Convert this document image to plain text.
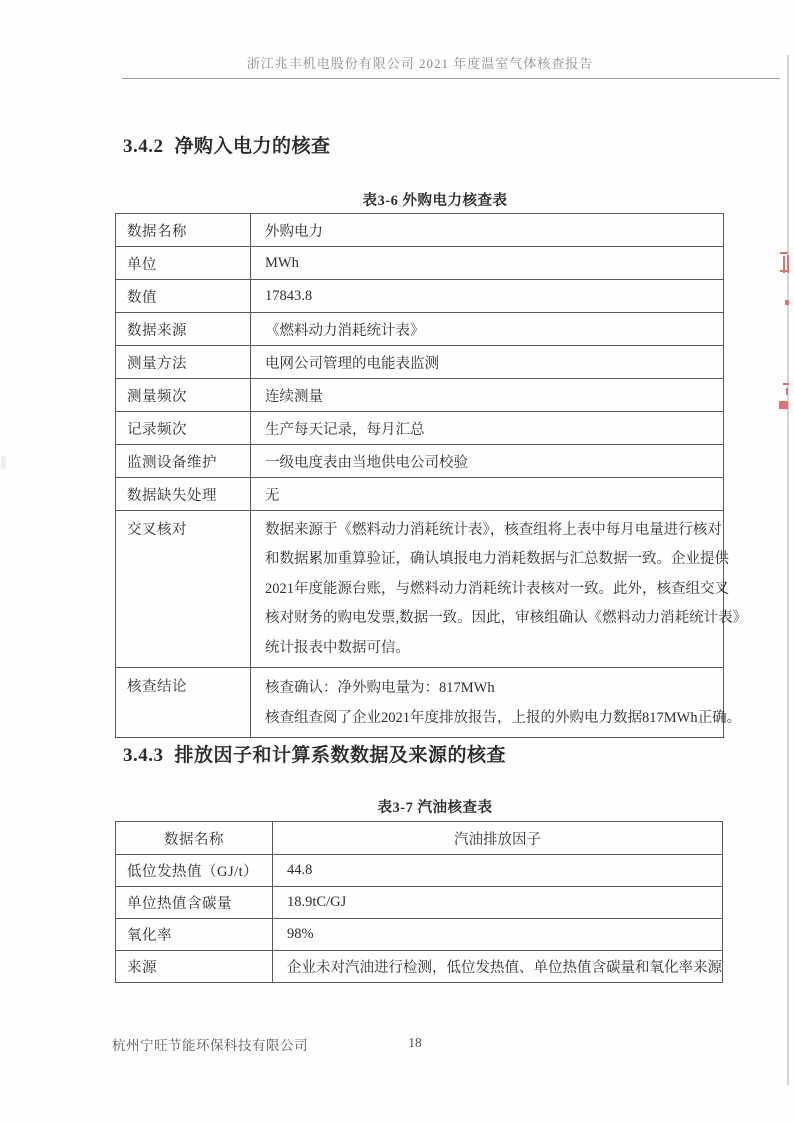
浙江兆丰机电股份有限公司 2021 年度温室气体核查报告
3.4.2 净购入电力的核查
表3-6 外购电力核查表
数据名称	外购电力
单位	MWh
数值	17843.8
数据来源	《燃料动力消耗统计表》
测量方法	电网公司管理的电能表监测
测量频次	连续测量
记录频次	生产每天记录，每月汇总
监测设备维护	一级电度表由当地供电公司校验
数据缺失处理	无
交叉核对	数据来源于《燃料动力消耗统计表》，核查组将上表中每月电量进行核对
和数据累加重算验证，确认填报电力消耗数据与汇总数据一致。企业提供
2021年度能源台账，与燃料动力消耗统计表核对一致。此外，核查组交叉
核对财务的购电发票,数据一致。因此，审核组确认《燃料动力消耗统计表》
统计报表中数据可信。
核查结论	核查确认：净外购电量为：817MWh
核查组查阅了企业2021年度排放报告，上报的外购电力数据817MWh正确。
3.4.3 排放因子和计算系数数据及来源的核查
表3-7 汽油核查表
数据名称	汽油排放因子
低位发热值（GJ/t）	44.8
单位热值含碳量	18.9tC/GJ
氧化率	98%
来源	企业未对汽油进行检测，低位发热值、单位热值含碳量和氧化率来源
杭州宁旺节能环保科技有限公司	18
